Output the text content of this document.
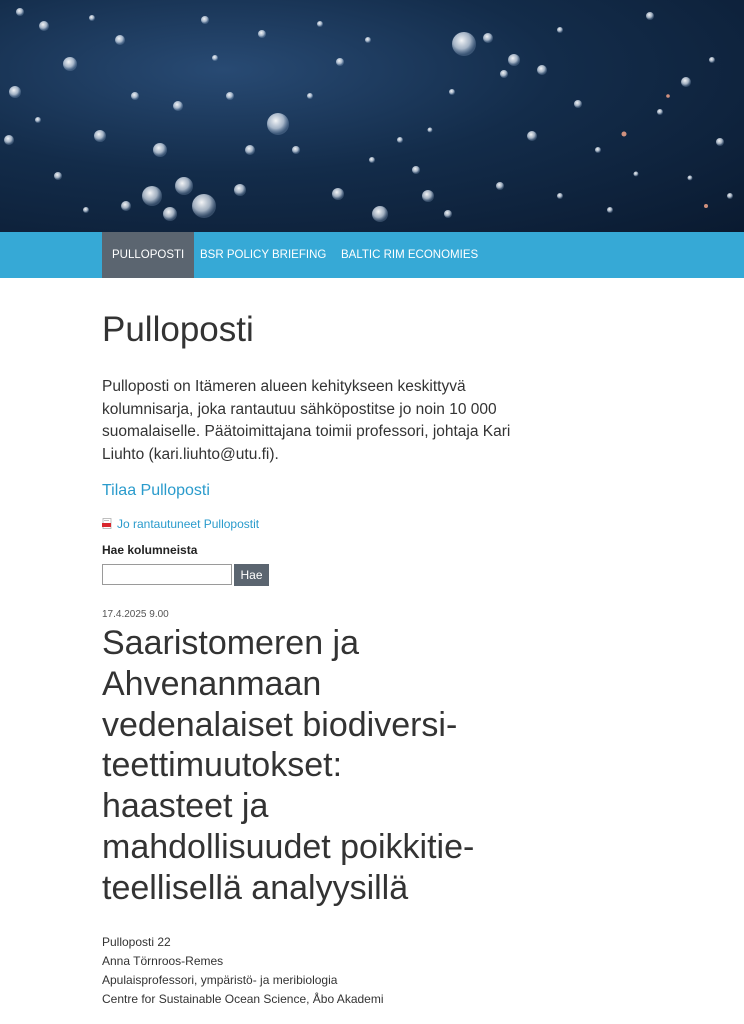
PULLOPOSTI	BSR POLICY BRIEFING BALTIC RIM ECONOMIES
Pulloposti

Pulloposti on Itämeren alueen kehitykseen keskittyvä kolumnisarja, joka rantautuu sähköpostitse jo noin 10 000 suomalaiselle. Päätoimittajana toimii professori, johtaja Kari Liuhto (kari.liuhto@utu.fi).

Tilaa Pulloposti
Jo rantautuneet Pullopostit
Hae kolumneista
Hae
17.4.2025 9.00
Saaristomeren ja
Ahvenanmaan
vedenalaiset biodiversi-
teettimuutokset:
haasteet ja
mahdollisuudet poikkitie-
teellisellä analyysillä
Pulloposti 22
Anna Törnroos-Remes
Apulaisprofessori, ympäristö- ja meribiologia
Centre for Sustainable Ocean Science, Åbo Akademi
